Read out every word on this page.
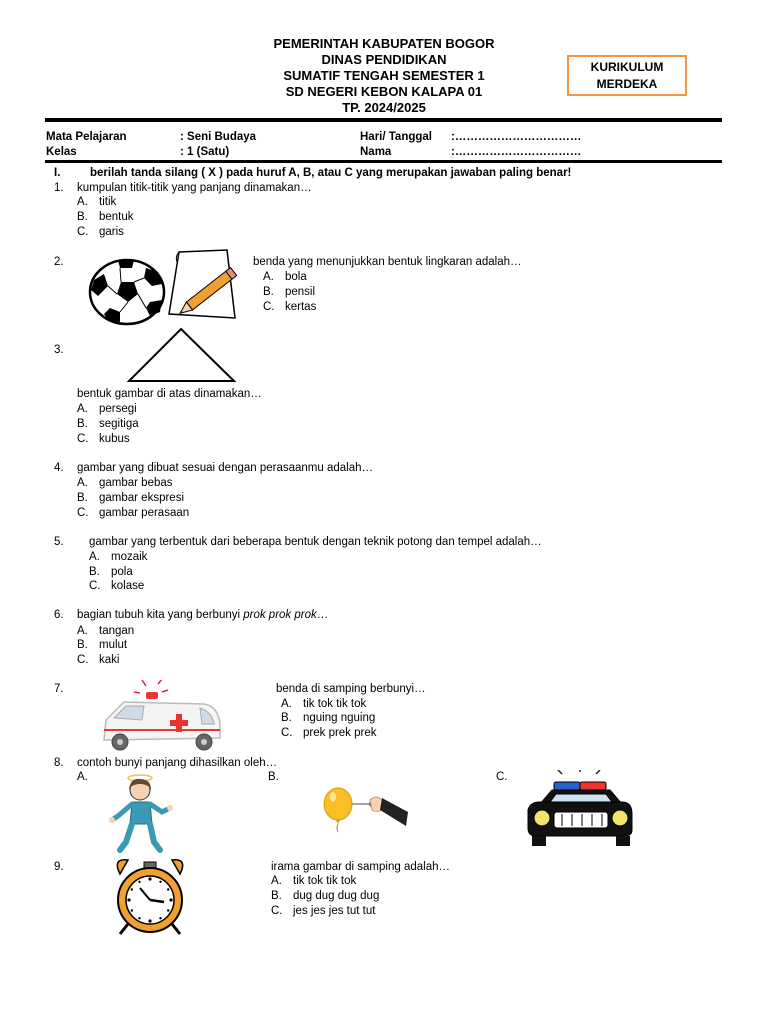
PEMERINTAH KABUPATEN BOGOR
DINAS PENDIDIKAN
SUMATIF TENGAH SEMESTER 1
SD NEGERI KEBON KALAPA 01
TP. 2024/2025
KURIKULUM
MERDEKA
Mata Pelajaran	: Seni Budaya	Hari/ Tanggal :……………………………
Kelas	: 1 (Satu)	Nama	:……………………………
I.	berilah tanda silang ( X ) pada huruf A, B, atau C yang merupakan jawaban paling benar!
1. kumpulan titik-titik yang panjang dinamakan…
A. titik
B. bentuk
C. garis
2.	benda yang menunjukkan bentuk lingkaran adalah…
A. bola
B. pensil
C. kertas
3.
bentuk gambar di atas dinamakan…
A. persegi
B. segitiga
C. kubus
4. gambar yang dibuat sesuai dengan perasaanmu adalah…
A. gambar bebas
B. gambar ekspresi
C. gambar perasaan
5. gambar yang terbentuk dari beberapa bentuk dengan teknik potong dan tempel adalah…
A. mozaik
B. pola
C. kolase
6. bagian tubuh kita yang berbunyi prok prok prok…
A. tangan
B. mulut
C. kaki
7.	benda di samping berbunyi…
A. tik tok tik tok
B. nguing nguing
C. prek prek prek
8. contoh bunyi panjang dihasilkan oleh…
A.	B.	C.
9.	irama gambar di samping adalah…
A. tik tok tik tok
B. dug dug dug dug
C. jes jes jes tut tut
